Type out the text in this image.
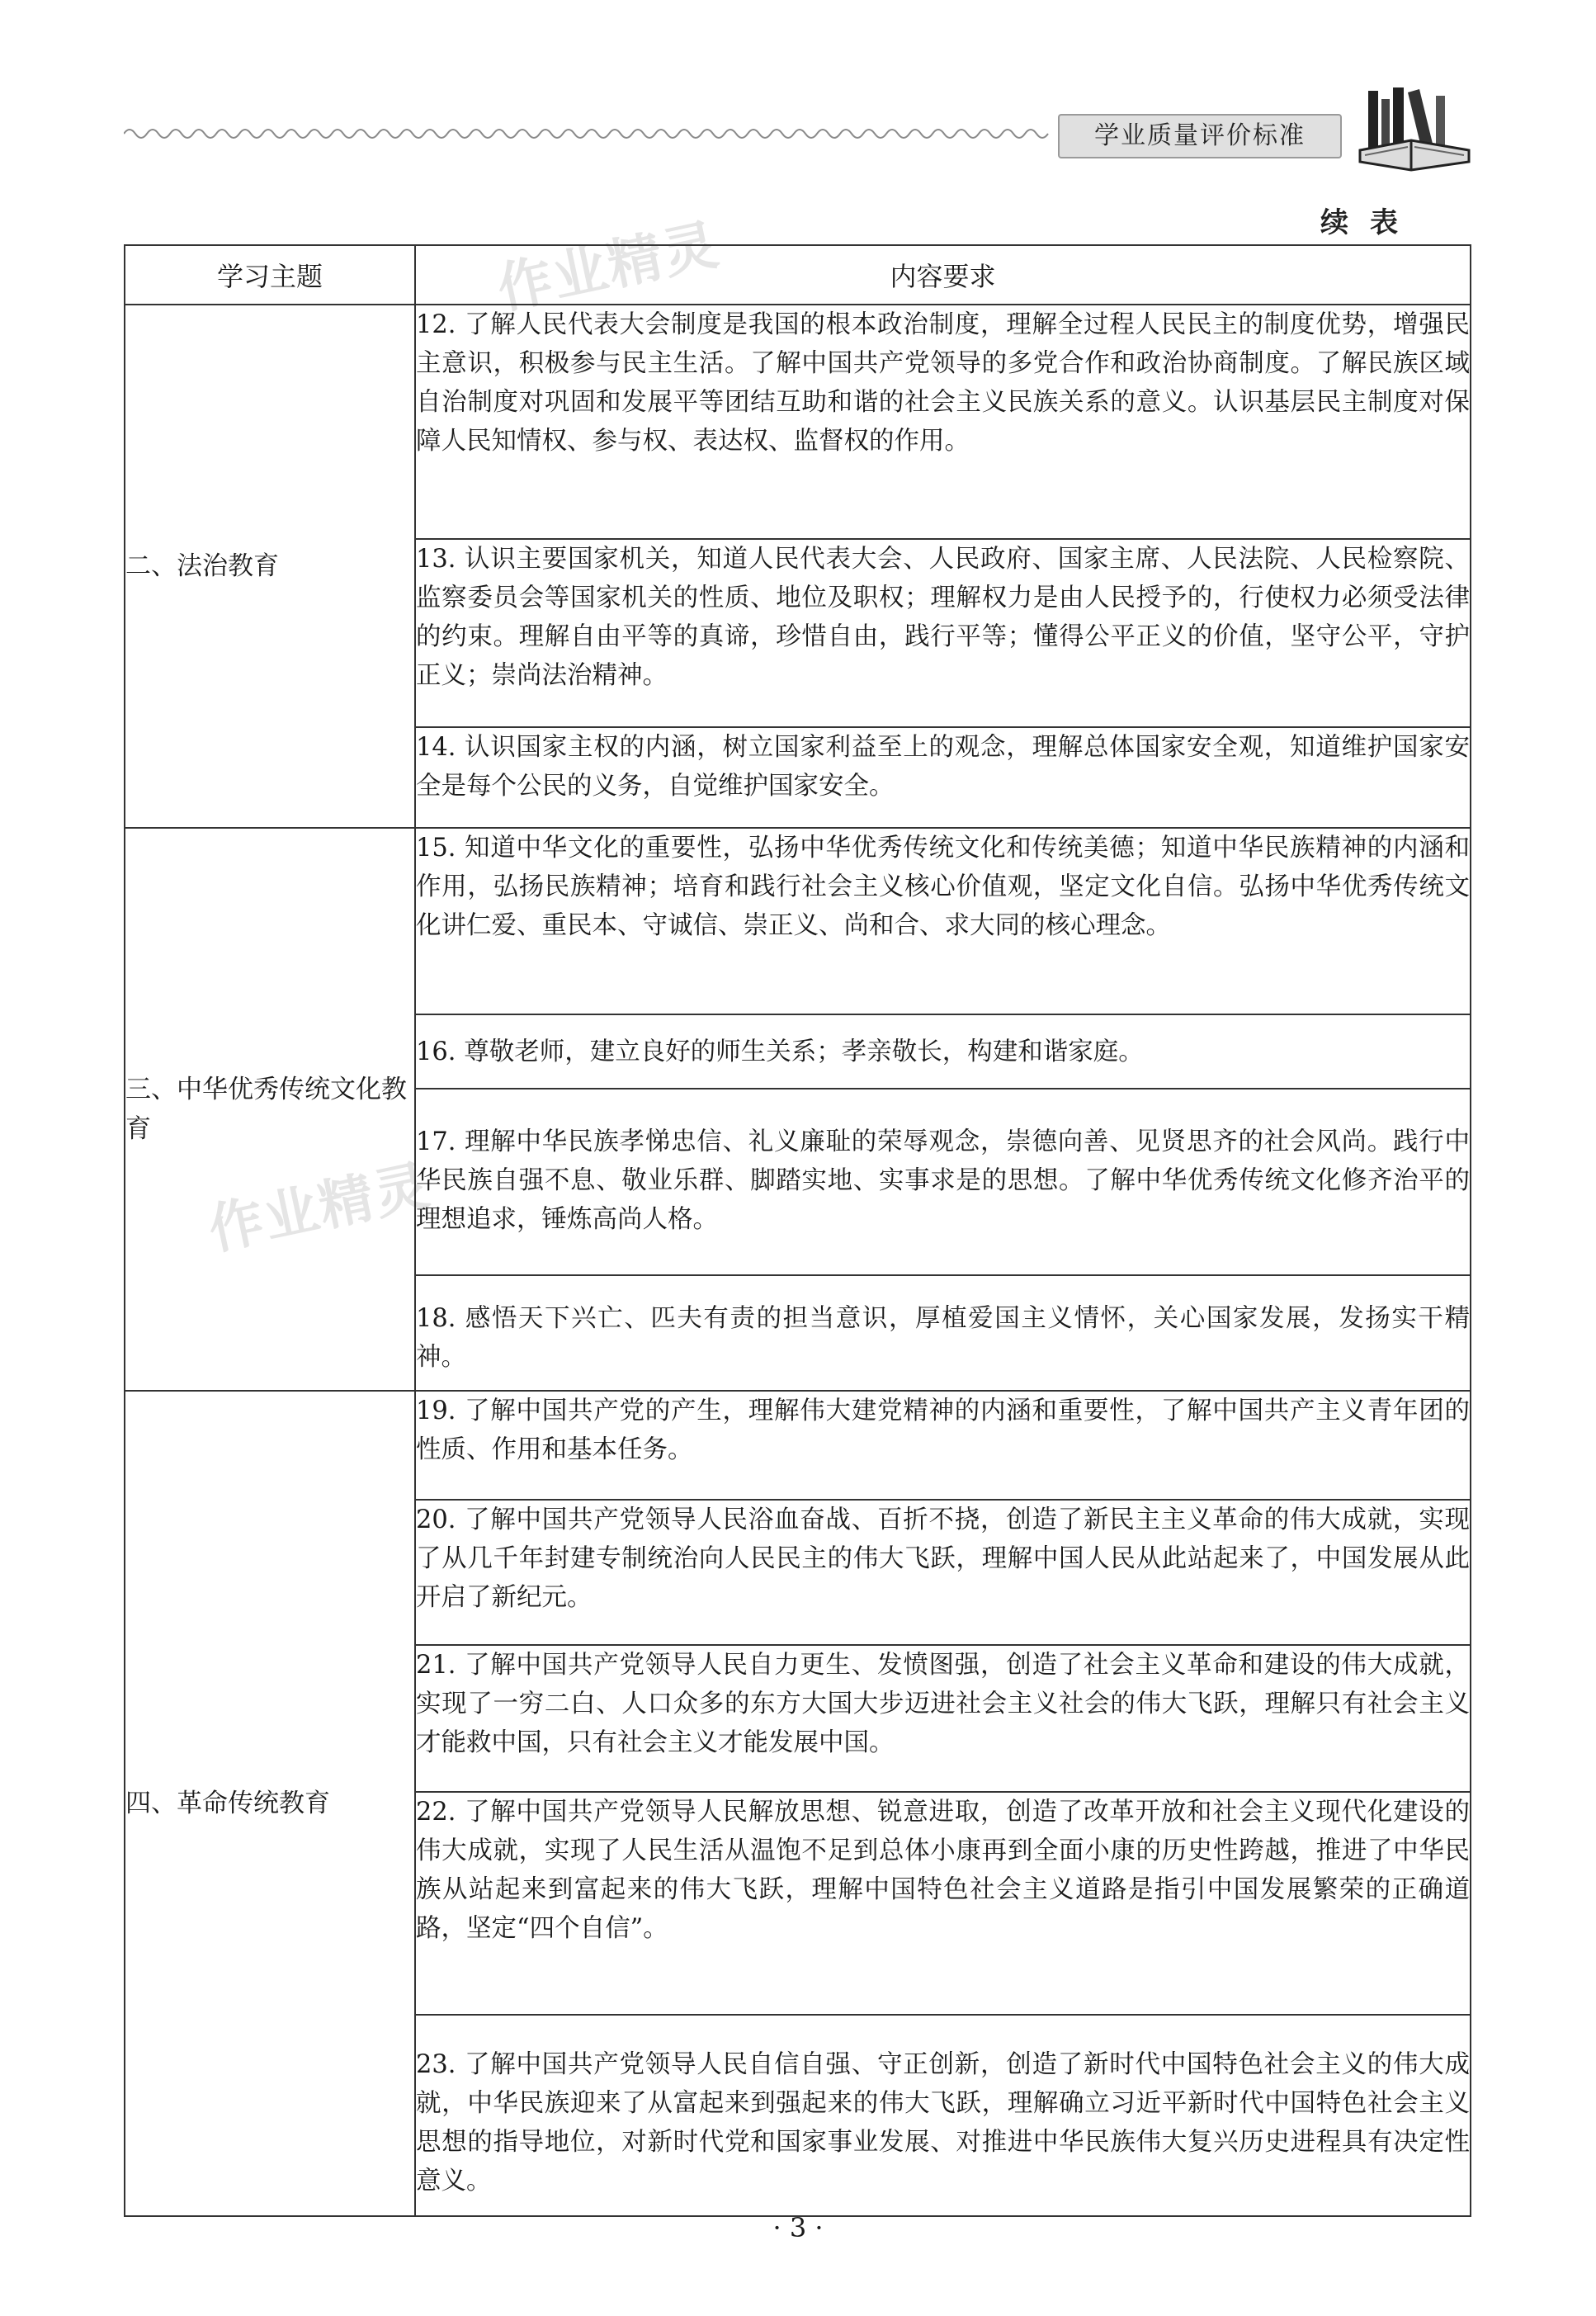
学业质量评价标准
续表
作业精灵
作业精灵
学习主题	内容要求
二、法治教育	12. 了解人民代表大会制度是我国的根本政治制度，理解全过程人民民主的制度优势，增强民主意识，积极参与民主生活。了解中国共产党领导的多党合作和政治协商制度。了解民族区域自治制度对巩固和发展平等团结互助和谐的社会主义民族关系的意义。认识基层民主制度对保障人民知情权、参与权、表达权、监督权的作用。
	13. 认识主要国家机关，知道人民代表大会、人民政府、国家主席、人民法院、人民检察院、监察委员会等国家机关的性质、地位及职权；理解权力是由人民授予的，行使权力必须受法律的约束。理解自由平等的真谛，珍惜自由，践行平等；懂得公平正义的价值，坚守公平，守护正义；崇尚法治精神。
	14. 认识国家主权的内涵，树立国家利益至上的观念，理解总体国家安全观，知道维护国家安全是每个公民的义务，自觉维护国家安全。
三、中华优秀传统文化教育	15. 知道中华文化的重要性，弘扬中华优秀传统文化和传统美德；知道中华民族精神的内涵和作用，弘扬民族精神；培育和践行社会主义核心价值观，坚定文化自信。弘扬中华优秀传统文化讲仁爱、重民本、守诚信、崇正义、尚和合、求大同的核心理念。
	16. 尊敬老师，建立良好的师生关系；孝亲敬长，构建和谐家庭。
	17. 理解中华民族孝悌忠信、礼义廉耻的荣辱观念，崇德向善、见贤思齐的社会风尚。践行中华民族自强不息、敬业乐群、脚踏实地、实事求是的思想。了解中华优秀传统文化修齐治平的理想追求，锤炼高尚人格。
	18. 感悟天下兴亡、匹夫有责的担当意识，厚植爱国主义情怀，关心国家发展，发扬实干精神。
四、革命传统教育	19. 了解中国共产党的产生，理解伟大建党精神的内涵和重要性，了解中国共产主义青年团的性质、作用和基本任务。
	20. 了解中国共产党领导人民浴血奋战、百折不挠，创造了新民主主义革命的伟大成就，实现了从几千年封建专制统治向人民民主的伟大飞跃，理解中国人民从此站起来了，中国发展从此开启了新纪元。
	21. 了解中国共产党领导人民自力更生、发愤图强，创造了社会主义革命和建设的伟大成就，实现了一穷二白、人口众多的东方大国大步迈进社会主义社会的伟大飞跃，理解只有社会主义才能救中国，只有社会主义才能发展中国。
	22. 了解中国共产党领导人民解放思想、锐意进取，创造了改革开放和社会主义现代化建设的伟大成就，实现了人民生活从温饱不足到总体小康再到全面小康的历史性跨越，推进了中华民族从站起来到富起来的伟大飞跃，理解中国特色社会主义道路是指引中国发展繁荣的正确道路，坚定“四个自信”。
	23. 了解中国共产党领导人民自信自强、守正创新，创造了新时代中国特色社会主义的伟大成就，中华民族迎来了从富起来到强起来的伟大飞跃，理解确立习近平新时代中国特色社会主义思想的指导地位，对新时代党和国家事业发展、对推进中华民族伟大复兴历史进程具有决定性意义。
· 3 ·
